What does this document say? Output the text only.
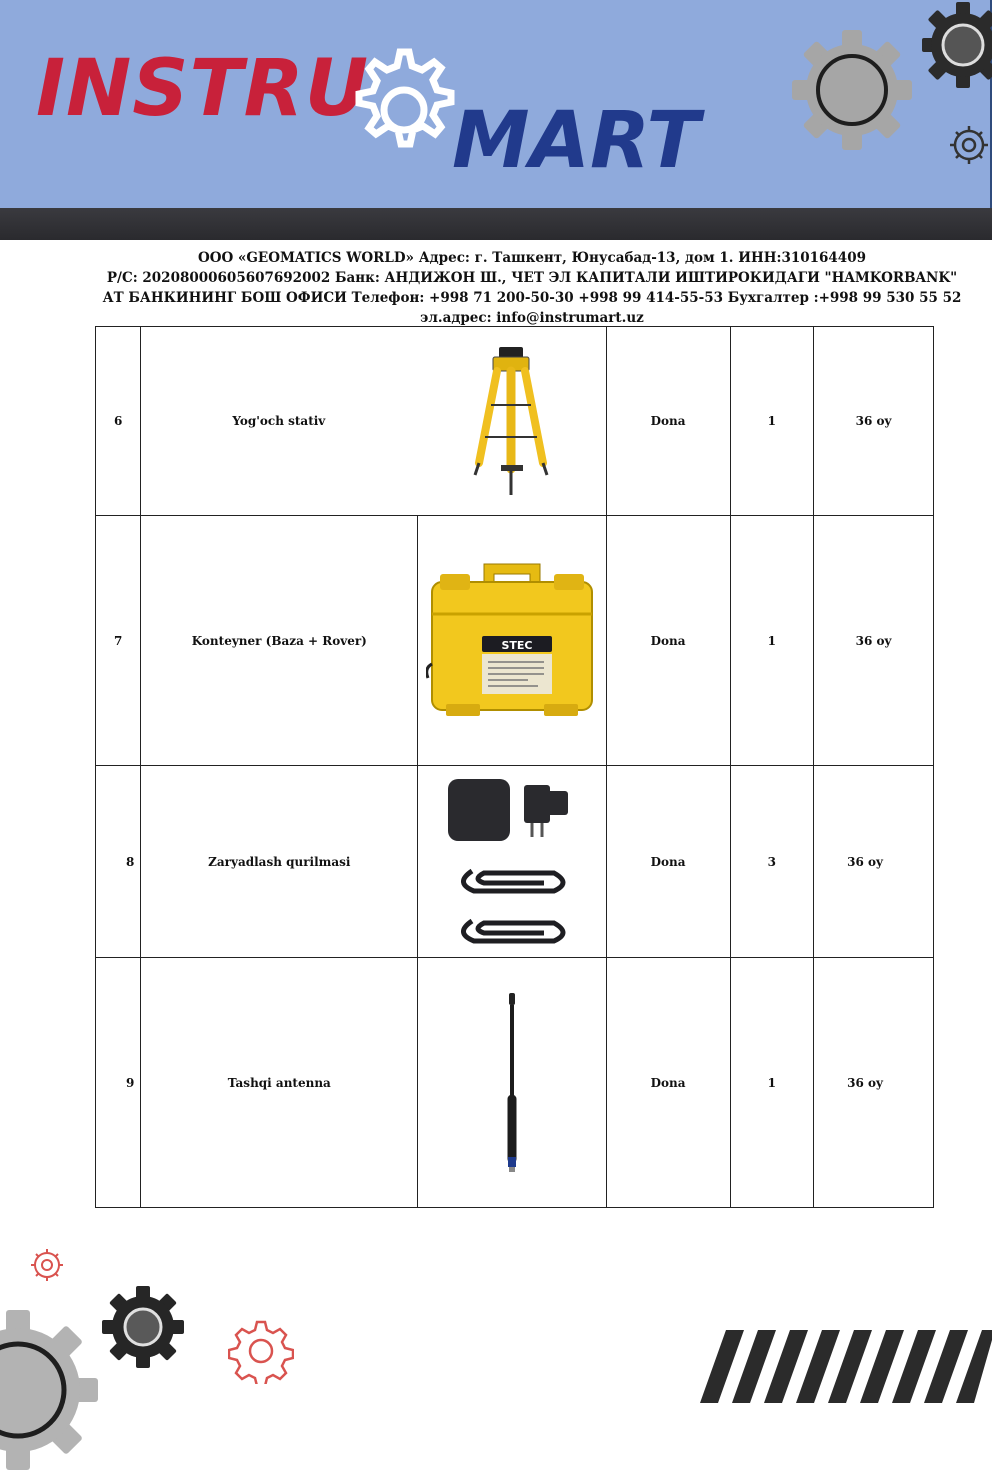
INSTRU
MART
ООО «GEOMATICS WORLD» Адрес: г. Ташкент, Юнусабад-13, дом 1. ИНН:310164409
Р/С: 20208000605607692002 Банк: АНДИЖОН Ш., ЧЕТ ЭЛ КАПИТАЛИ ИШТИРОКИДАГИ "HAMKORBANK"
АТ БАНКИНИНГ БОШ ОФИСИ Телефон: +998 71 200-50-30 +998 99 414-55-53 Бухгалтер :+998 99 530 55 52
эл.адрес: info@instrumart.uz
6	Yog'och stativ		Dona	1	36 oy
7	Konteyner (Baza + Rover)	STEC	Dona	1	36 oy
8	Zaryadlash qurilmasi		Dona	3	36 oy
9	Tashqi antenna		Dona	1	36 oy
